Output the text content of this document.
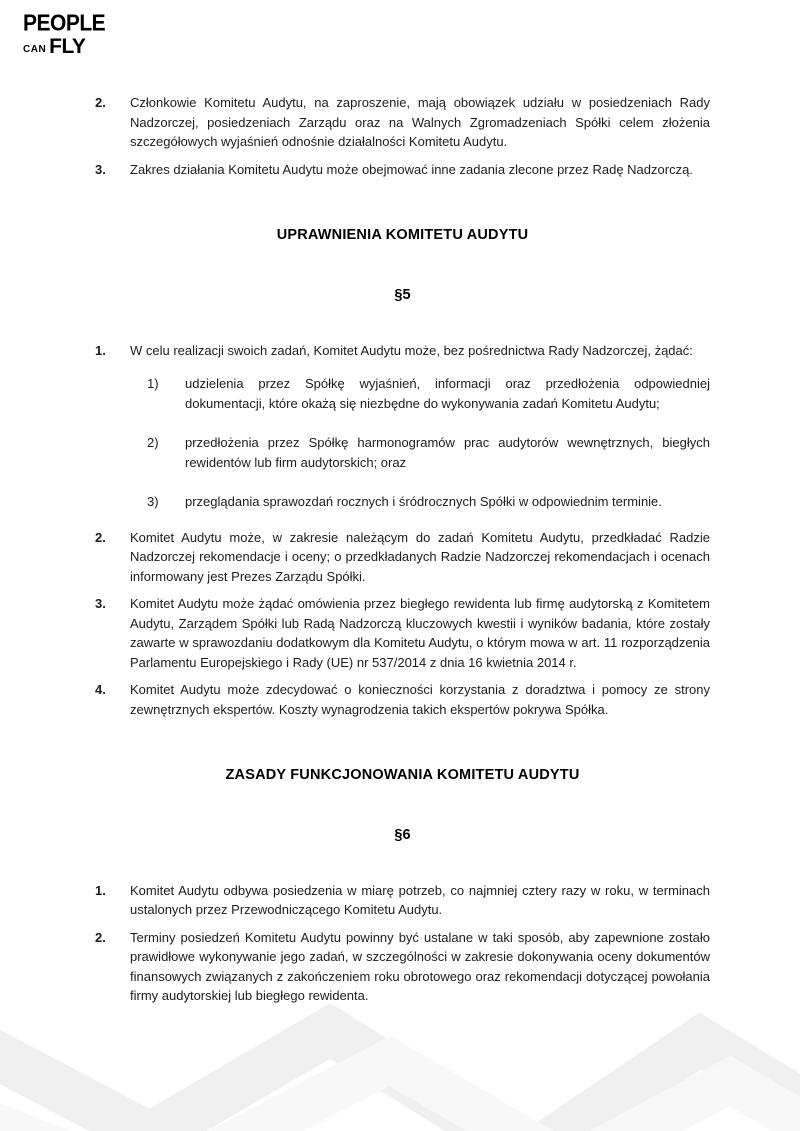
PEOPLE
CAN FLY
2.	Członkowie Komitetu Audytu, na zaproszenie, mają obowiązek udziału w posiedzeniach Rady Nadzorczej, posiedzeniach Zarządu oraz na Walnych Zgromadzeniach Spółki celem złożenia szczegółowych wyjaśnień odnośnie działalności Komitetu Audytu.
3.	Zakres działania Komitetu Audytu może obejmować inne zadania zlecone przez Radę Nadzorczą.
UPRAWNIENIA KOMITETU AUDYTU
§5
1.	W celu realizacji swoich zadań, Komitet Audytu może, bez pośrednictwa Rady Nadzorczej, żądać:
1)	udzielenia przez Spółkę wyjaśnień, informacji oraz przedłożenia odpowiedniej dokumentacji, które okażą się niezbędne do wykonywania zadań Komitetu Audytu;
2)	przedłożenia przez Spółkę harmonogramów prac audytorów wewnętrznych, biegłych rewidentów lub firm audytorskich; oraz
3)	przeglądania sprawozdań rocznych i śródrocznych Spółki w odpowiednim terminie.
2.	Komitet Audytu może, w zakresie należącym do zadań Komitetu Audytu, przedkładać Radzie Nadzorczej rekomendacje i oceny; o przedkładanych Radzie Nadzorczej rekomendacjach i ocenach informowany jest Prezes Zarządu Spółki.
3.	Komitet Audytu może żądać omówienia przez biegłego rewidenta lub firmę audytorską z Komitetem Audytu, Zarządem Spółki lub Radą Nadzorczą kluczowych kwestii i wyników badania, które zostały zawarte w sprawozdaniu dodatkowym dla Komitetu Audytu, o którym mowa w art. 11 rozporządzenia Parlamentu Europejskiego i Rady (UE) nr 537/2014 z dnia 16 kwietnia 2014 r.
4.	Komitet Audytu może zdecydować o konieczności korzystania z doradztwa i pomocy ze strony zewnętrznych ekspertów. Koszty wynagrodzenia takich ekspertów pokrywa Spółka.
ZASADY FUNKCJONOWANIA KOMITETU AUDYTU
§6
1.	Komitet Audytu odbywa posiedzenia w miarę potrzeb, co najmniej cztery razy w roku, w terminach ustalonych przez Przewodniczącego Komitetu Audytu.
2.	Terminy posiedzeń Komitetu Audytu powinny być ustalane w taki sposób, aby zapewnione zostało prawidłowe wykonywanie jego zadań, w szczególności w zakresie dokonywania oceny dokumentów finansowych związanych z zakończeniem roku obrotowego oraz rekomendacji dotyczącej powołania firmy audytorskiej lub biegłego rewidenta.
